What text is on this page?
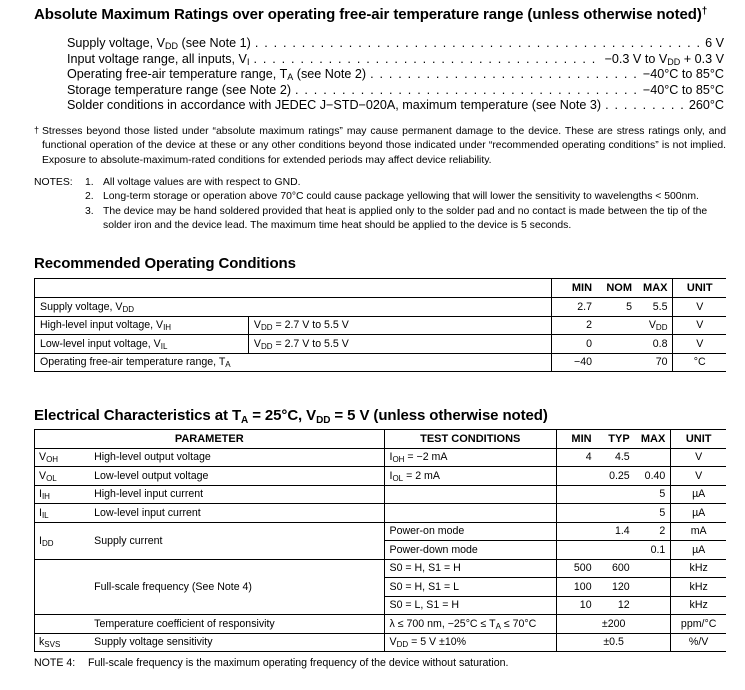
Absolute Maximum Ratings over operating free-air temperature range (unless otherwise noted)†
Supply voltage, $V_{DD}$ (see Note 1) . . .	6 V
Input voltage range, all inputs, $V_I$ . . .	−0.3 V to $V_{DD} + 0.3$ V
Operating free-air temperature range, $T_A$ (see Note 2) . . .	−40°C to 85°C
Storage temperature range (see Note 2) . . .	−40°C to 85°C
Solder conditions in accordance with JEDEC J−STD−020A, maximum temperature (see Note 3) . . .	260°C
† Stresses beyond those listed under “absolute maximum ratings” may cause permanent damage to the device. These are stress ratings only, and functional operation of the device at these or any other conditions beyond those indicated under “recommended operating conditions” is not implied. Exposure to absolute-maximum-rated conditions for extended periods may affect device reliability.
NOTES: 1. All voltage values are with respect to GND.
2. Long-term storage or operation above 70°C could cause package yellowing that will lower the sensitivity to wavelengths < 500nm.
3. The device may be hand soldered provided that heat is applied only to the solder pad and no contact is made between the tip of the solder iron and the device lead. The maximum time heat should be applied to the device is 5 seconds.
Recommended Operating Conditions
		MIN	NOM	MAX	UNIT
Supply voltage, $V_{DD}$		2.7	5	5.5	V
High-level input voltage, $V_{IH}$	$V_{DD} = 2.7$ V to 5.5 V	2		$V_{DD}$	V
Low-level input voltage, $V_{IL}$	$V_{DD} = 2.7$ V to 5.5 V	0		0.8	V
Operating free-air temperature range, $T_A$		−40		70	°C
Electrical Characteristics at $T_A = 25^\circ C$, $V_{DD} = 5$ V (unless otherwise noted)
PARAMETER		TEST CONDITIONS	MIN	TYP	MAX	UNIT
$V_{OH}$	High-level output voltage	$I_{OH} = -2$ mA	4	4.5		V
$V_{OL}$	Low-level output voltage	$I_{OL} = 2$ mA		0.25	0.40	V
$I_{IH}$	High-level input current				5	µA
$I_{IL}$	Low-level input current				5	µA
$I_{DD}$	Supply current	Power-on mode		1.4	2	mA
		Power-down mode			0.1	µA
	Full-scale frequency (See Note 4)	S0 = H, S1 = H	500	600		kHz
		S0 = H, S1 = L	100	120		kHz
		S0 = L, S1 = H	10	12		kHz
	Temperature coefficient of responsivity	λ ≤ 700 nm, $-25^\circ C \le T_A \le 70^\circ C$	±200			ppm/°C
$k_{SVS}$	Supply voltage sensitivity	$V_{DD} = 5$ V ±10%	±0.5			%/V
NOTE 4: Full-scale frequency is the maximum operating frequency of the device without saturation.
